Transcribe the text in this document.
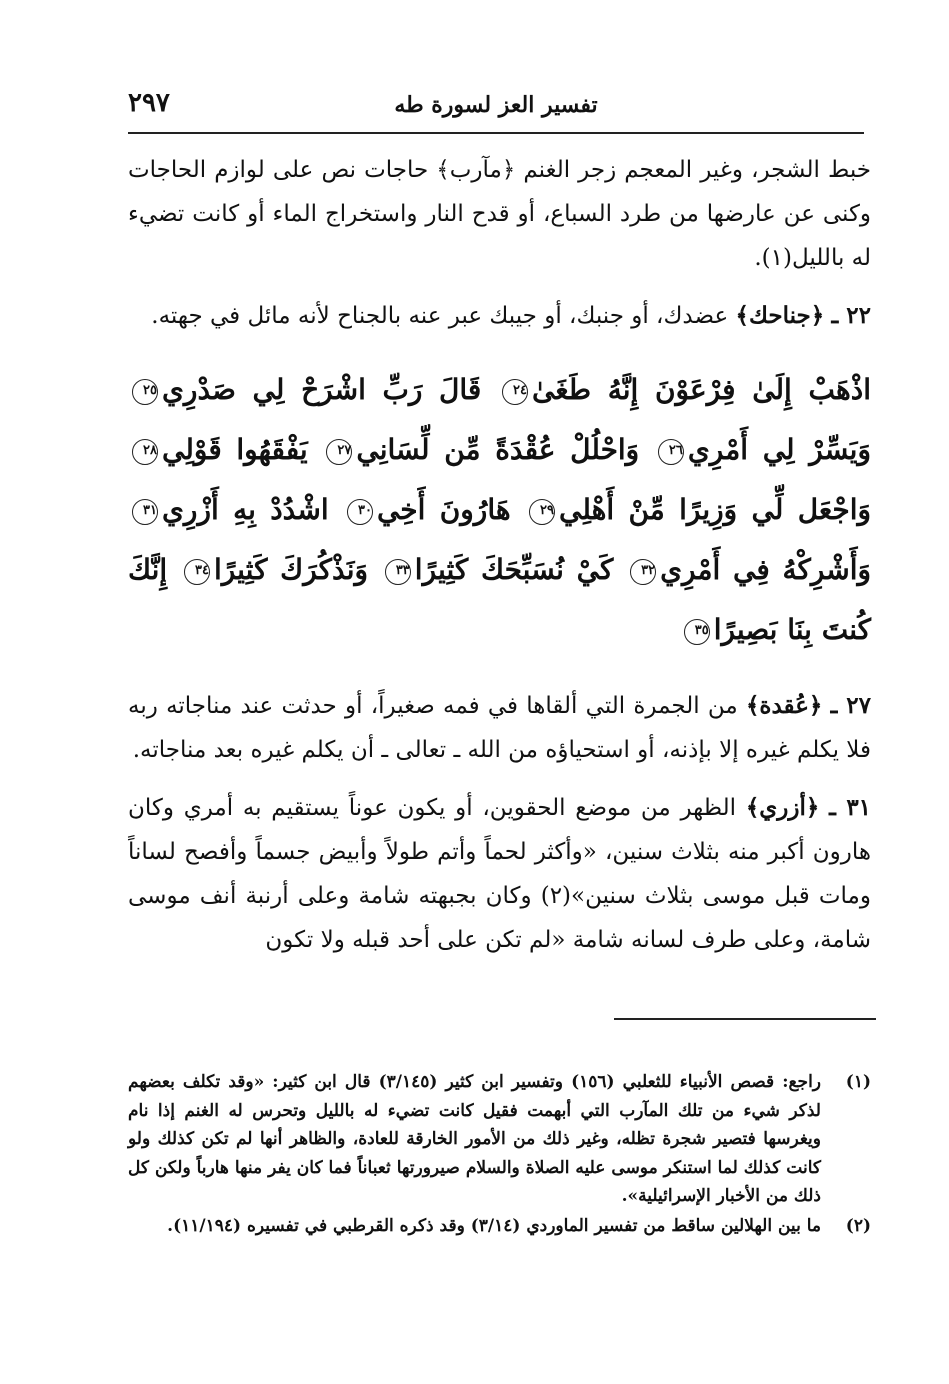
٢٩٧	تفسير العز لسورة طه

خبط الشجر، وغير المعجم زجر الغنم ﴿مآرب﴾ حاجات نص على لوازم الحاجات وكنى عن عارضها من طرد السباع، أو قدح النار واستخراج الماء أو كانت تضيء له بالليل(١).

٢٢ ـ ﴿جناحك﴾ عضدك، أو جنبك، أو جيبك عبر عنه بالجناح لأنه مائل في جهته.

اذْهَبْ إِلَىٰ فِرْعَوْنَ إِنَّهُ طَغَىٰ٢٤ قَالَ رَبِّ اشْرَحْ لِي صَدْرِي٢٥ وَيَسِّرْ لِي أَمْرِي٢٦ وَاحْلُلْ عُقْدَةً مِّن لِّسَانِي٢٧ يَفْقَهُوا قَوْلِي٢٨ وَاجْعَل لِّي وَزِيرًا مِّنْ أَهْلِي٢٩ هَارُونَ أَخِي٣٠ اشْدُدْ بِهِ أَزْرِي٣١ وَأَشْرِكْهُ فِي أَمْرِي٣٢ كَيْ نُسَبِّحَكَ كَثِيرًا٣٣ وَنَذْكُرَكَ كَثِيرًا٣٤ إِنَّكَ كُنتَ بِنَا بَصِيرًا٣٥

٢٧ ـ ﴿عُقدة﴾ من الجمرة التي ألقاها في فمه صغيراً، أو حدثت عند مناجاته ربه فلا يكلم غيره إلا بإذنه، أو استحياؤه من الله ـ تعالى ـ أن يكلم غيره بعد مناجاته.

٣١ ـ ﴿أزري﴾ الظهر من موضع الحقوين، أو يكون عوناً يستقيم به أمري وكان هارون أكبر منه بثلاث سنين، «وأكثر لحماً وأتم طولاً وأبيض جسماً وأفصح لساناً ومات قبل موسى بثلاث سنين»(٢) وكان بجبهته شامة وعلى أرنبة أنف موسى شامة، وعلى طرف لسانه شامة «لم تكن على أحد قبله ولا تكون

(١)
راجع: قصص الأنبياء للثعلبي (١٥٦) وتفسير ابن كثير (٣/١٤٥) قال ابن كثير: «وقد تكلف بعضهم لذكر شيء من تلك المآرب التي أبهمت فقيل كانت تضيء له بالليل وتحرس له الغنم إذا نام ويغرسها فتصير شجرة تظله، وغير ذلك من الأمور الخارقة للعادة، والظاهر أنها لم تكن كذلك ولو كانت كذلك لما استنكر موسى عليه الصلاة والسلام صيرورتها ثعباناً فما كان يفر منها هارباً ولكن كل ذلك من الأخبار الإسرائيلية».
(٢)
ما بين الهلالين ساقط من تفسير الماوردي (٣/١٤) وقد ذكره القرطبي في تفسيره (١١/١٩٤).
